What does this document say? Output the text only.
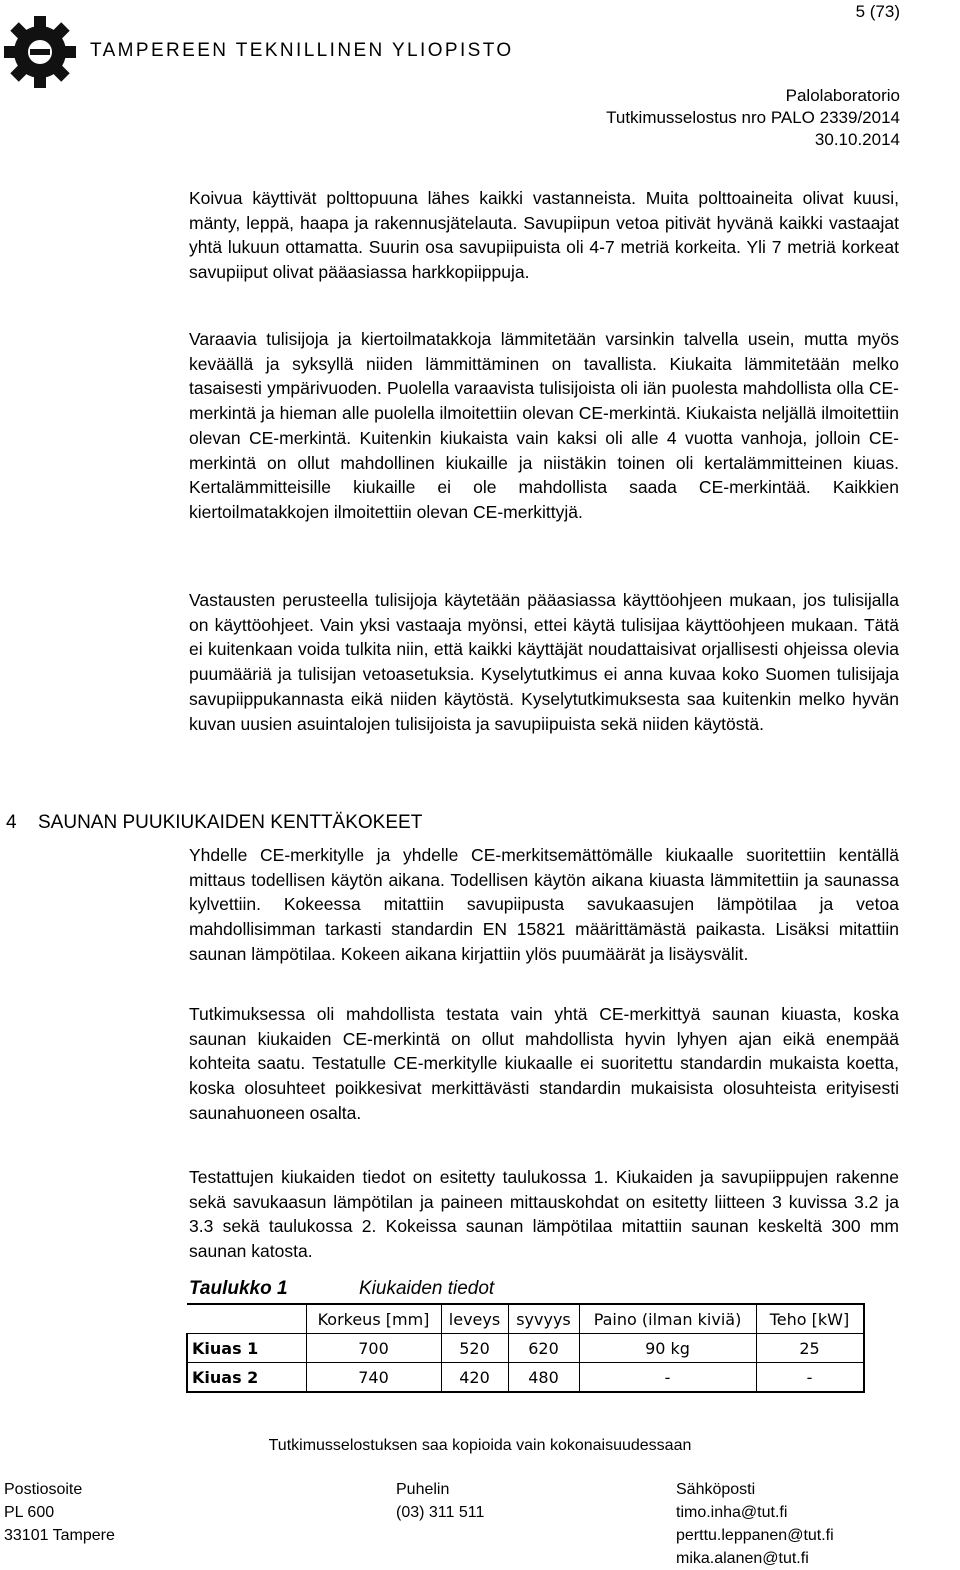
5 (73)
TAMPEREEN TEKNILLINEN YLIOPISTO
Palolaboratorio
Tutkimusselostus nro PALO 2339/2014
30.10.2014

Koivua käyttivät polttopuuna lähes kaikki vastanneista. Muita polttoaineita olivat kuusi, mänty, leppä, haapa ja rakennusjätelauta. Savupiipun vetoa pitivät hyvänä kaikki vastaajat yhtä lukuun ottamatta. Suurin osa savupiipuista oli 4-7 metriä korkeita. Yli 7 metriä korkeat savupiiput olivat pääasiassa harkkopiippuja.

Varaavia tulisijoja ja kiertoilmatakkoja lämmitetään varsinkin talvella usein, mutta myös keväällä ja syksyllä niiden lämmittäminen on tavallista. Kiukaita lämmitetään melko tasaisesti ympärivuoden. Puolella varaavista tulisijoista oli iän puolesta mahdollista olla CE-merkintä ja hieman alle puolella ilmoitettiin olevan CE-merkintä. Kiukaista neljällä ilmoitettiin olevan CE-merkintä. Kuitenkin kiukaista vain kaksi oli alle 4 vuotta vanhoja, jolloin CE-merkintä on ollut mahdollinen kiukaille ja niistäkin toinen oli kertalämmitteinen kiuas. Kertalämmitteisille kiukaille ei ole mahdollista saada CE-merkintää. Kaikkien kiertoilmatakkojen ilmoitettiin olevan CE-merkittyjä.

Vastausten perusteella tulisijoja käytetään pääasiassa käyttöohjeen mukaan, jos tulisijalla on käyttöohjeet. Vain yksi vastaaja myönsi, ettei käytä tulisijaa käyttöohjeen mukaan. Tätä ei kuitenkaan voida tulkita niin, että kaikki käyttäjät noudattaisivat orjallisesti ohjeissa olevia puumääriä ja tulisijan vetoasetuksia. Kyselytutkimus ei anna kuvaa koko Suomen tulisijaja savupiippukannasta eikä niiden käytöstä. Kyselytutkimuksesta saa kuitenkin melko hyvän kuvan uusien asuintalojen tulisijoista ja savupiipuista sekä niiden käytöstä.

4 SAUNAN PUUKIUKAIDEN KENTTÄKOKEET

Yhdelle CE-merkitylle ja yhdelle CE-merkitsemättömälle kiukaalle suoritettiin kentällä mittaus todellisen käytön aikana. Todellisen käytön aikana kiuasta lämmitettiin ja saunassa kylvettiin. Kokeessa mitattiin savupiipusta savukaasujen lämpötilaa ja vetoa mahdollisimman tarkasti standardin EN 15821 määrittämästä paikasta. Lisäksi mitattiin saunan lämpötilaa. Kokeen aikana kirjattiin ylös puumäärät ja lisäysvälit.

Tutkimuksessa oli mahdollista testata vain yhtä CE-merkittyä saunan kiuasta, koska saunan kiukaiden CE-merkintä on ollut mahdollista hyvin lyhyen ajan eikä enempää kohteita saatu. Testatulle CE-merkitylle kiukaalle ei suoritettu standardin mukaista koetta, koska olosuhteet poikkesivat merkittävästi standardin mukaisista olosuhteista erityisesti saunahuoneen osalta.

Testattujen kiukaiden tiedot on esitetty taulukossa 1. Kiukaiden ja savupiippujen rakenne sekä savukaasun lämpötilan ja paineen mittauskohdat on esitetty liitteen 3 kuvissa 3.2 ja 3.3 sekä taulukossa 2. Kokeissa saunan lämpötilaa mitattiin saunan keskeltä 300 mm saunan katosta.

Taulukko 1	Kiukaiden tiedot
	Korkeus [mm]	leveys	syvyys	Paino (ilman kiviä)	Teho [kW]
Kiuas 1	700	520	620	90 kg	25
Kiuas 2	740	420	480	-	-
Tutkimusselostuksen saa kopioida vain kokonaisuudessaan
Postiosoite
PL 600
33101 Tampere
Puhelin
(03) 311 511
Sähköposti
timo.inha@tut.fi
perttu.leppanen@tut.fi
mika.alanen@tut.fi
